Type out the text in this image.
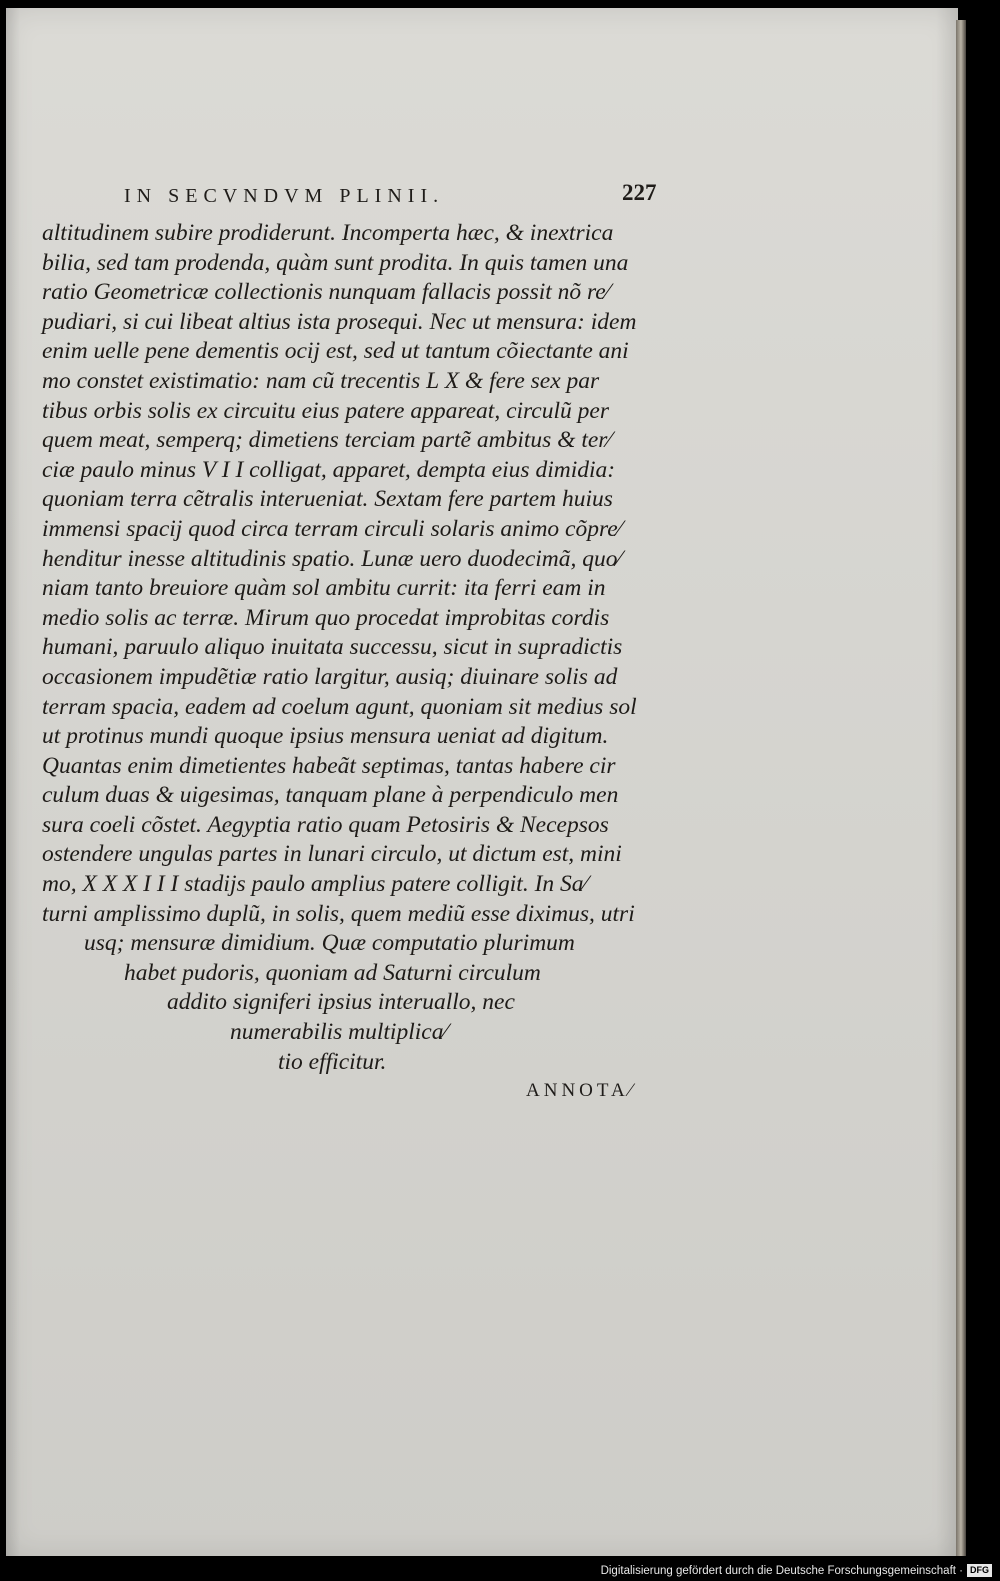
IN SECVNDVM PLINII.	227
altitudinem subire prodiderunt. Incomperta hæc, & inextrica
bilia, sed tam prodenda, quàm sunt prodita. In quis tamen una
ratio Geometricæ collectionis nunquam fallacis possit nõ re⁄
pudiari, si cui libeat altius ista prosequi. Nec ut mensura: idem
enim uelle pene dementis ocij est, sed ut tantum cõiectante ani
mo constet existimatio: nam cũ trecentis L X & fere sex par
tibus orbis solis ex circuitu eius patere appareat, circulũ per
quem meat, semperq; dimetiens terciam partẽ ambitus & ter⁄
ciæ paulo minus V I I colligat, apparet, dempta eius dimidia:
quoniam terra cẽtralis interueniat. Sextam fere partem huius
immensi spacij quod circa terram circuli solaris animo cõpre⁄
henditur inesse altitudinis spatio. Lunæ uero duodecimã, quo⁄
niam tanto breuiore quàm sol ambitu currit: ita ferri eam in
medio solis ac terræ. Mirum quo procedat improbitas cordis
humani, paruulo aliquo inuitata successu, sicut in supradictis
occasionem impudẽtiæ ratio largitur, ausiq; diuinare solis ad
terram spacia, eadem ad coelum agunt, quoniam sit medius sol
ut protinus mundi quoque ipsius mensura ueniat ad digitum.
Quantas enim dimetientes habeãt septimas, tantas habere cir
culum duas & uigesimas, tanquam plane à perpendiculo men
sura coeli cõstet. Aegyptia ratio quam Petosiris & Necepsos
ostendere ungulas partes in lunari circulo, ut dictum est, mini
mo, X X X I I I stadijs paulo amplius patere colligit. In Sa⁄
turni amplissimo duplũ, in solis, quem mediũ esse diximus, utri
usq; mensuræ dimidium. Quæ computatio plurimum
habet pudoris, quoniam ad Saturni circulum
addito signiferi ipsius interuallo, nec
numerabilis multiplica⁄
tio efficitur.
ANNOTA⁄
Digitalisierung gefördert durch die Deutsche Forschungsgemeinschaft · DFG
